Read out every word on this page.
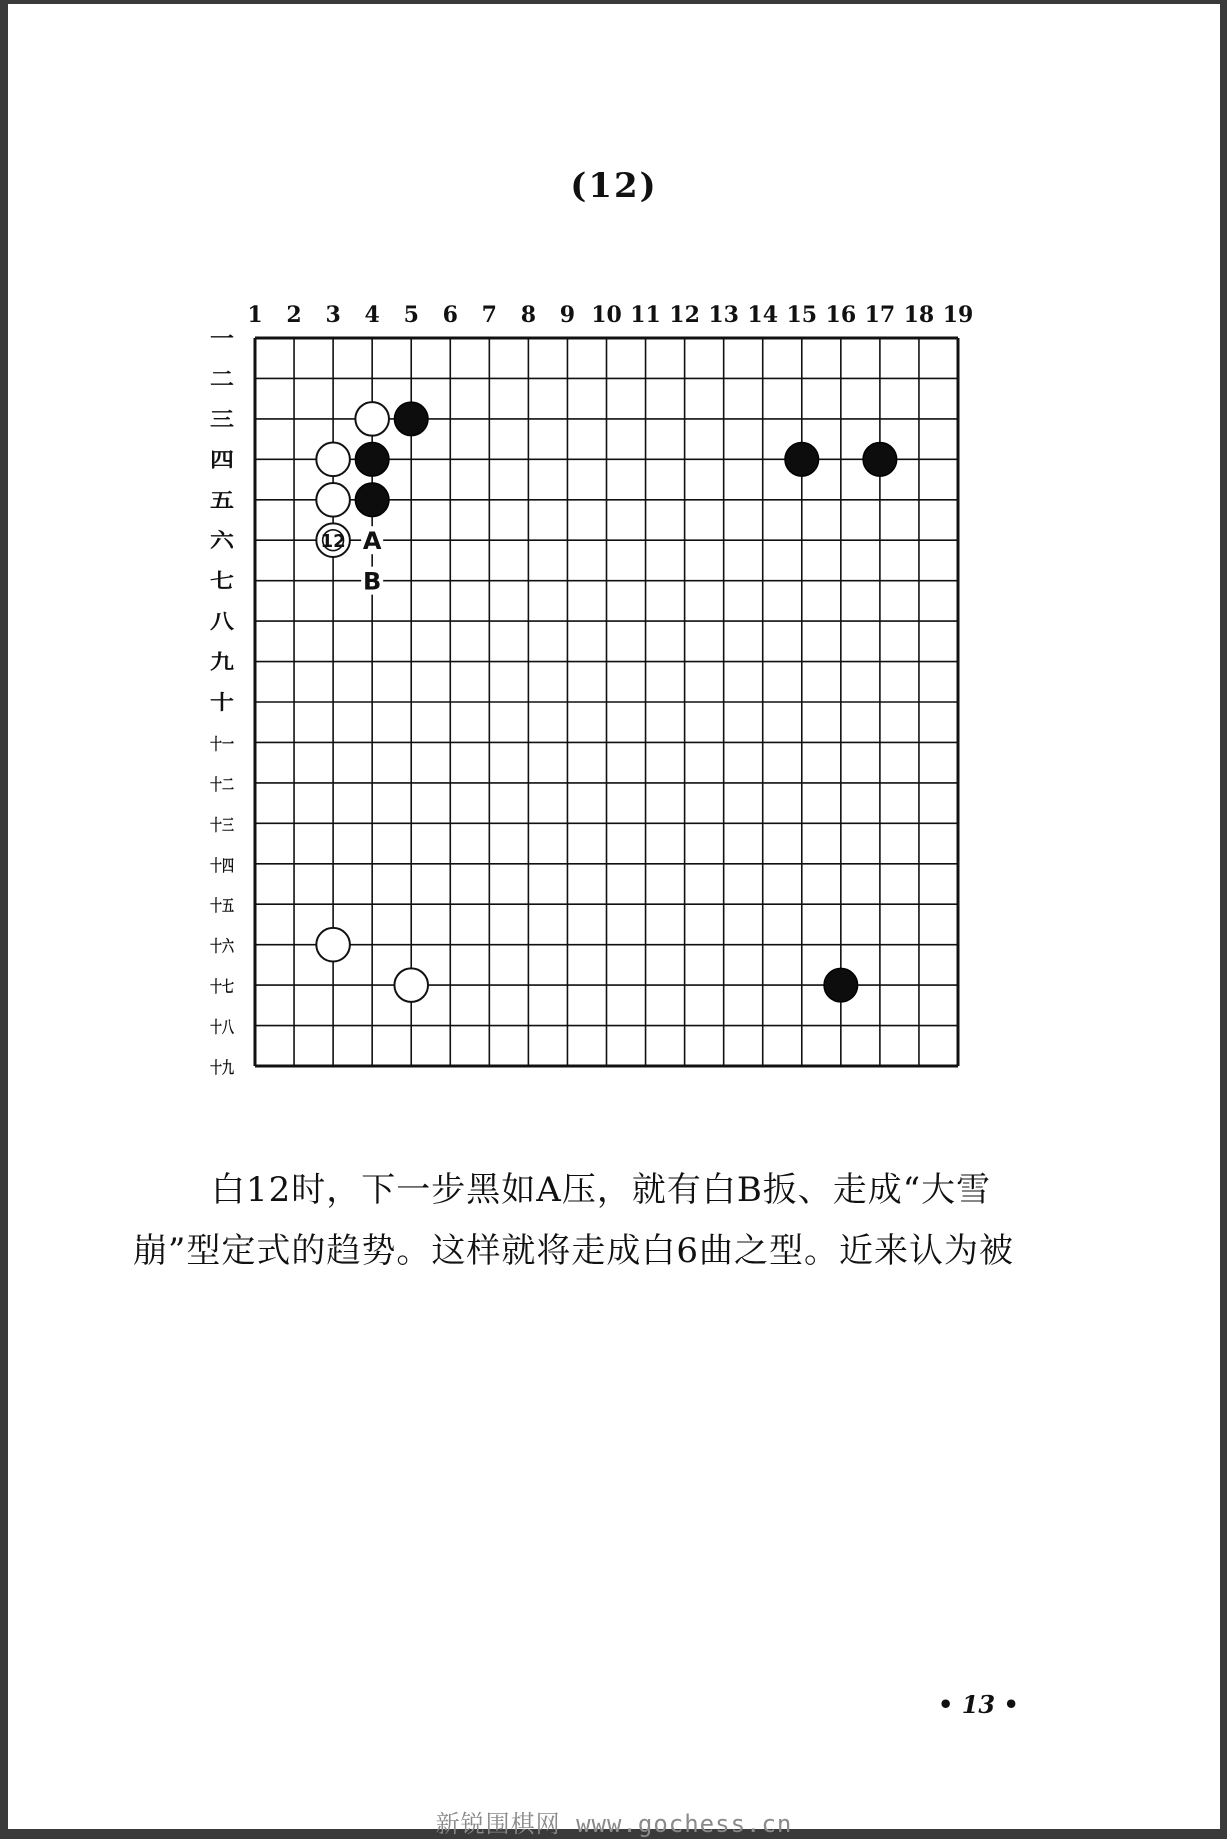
(12)
1 2 3 4 5 6 7 8 9 10 11 12 13 14 15 16 17 18 19
一
二
三
四
五
六
七
八
九
十
十一
十二
十三
十四
十五
十六
十七
十八
十九
A
B
12
白12时，下一步黑如A压，就有白B扳、走成“大雪
崩”型定式的趋势。这样就将走成白6曲之型。近来认为被
• 13 •
新锐围棋网 www.gochess.cn
